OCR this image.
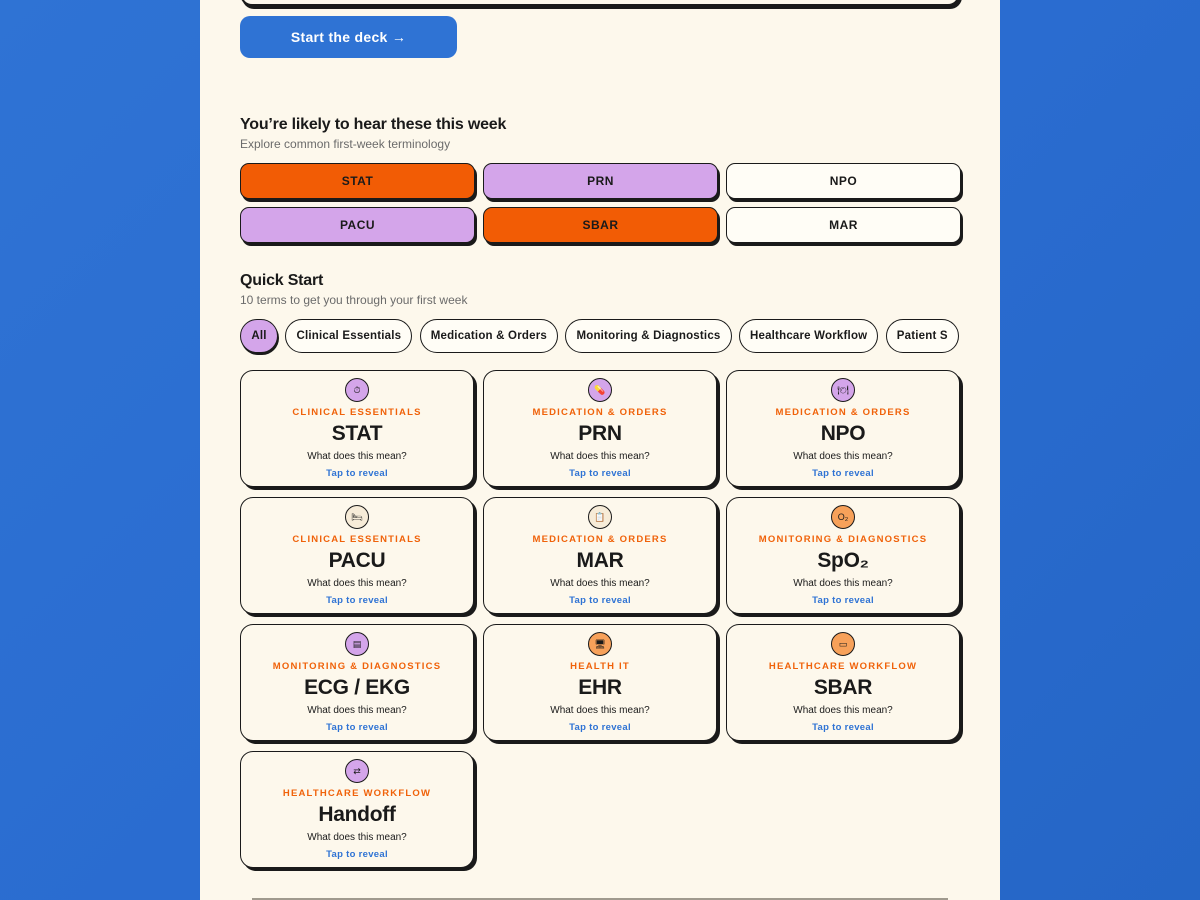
Start the deck →
You’re likely to hear these this week
Explore common first-week terminology
STAT	PRN	NPO
PACU	SBAR	MAR
Quick Start
10 terms to get you through your first week
All	Clinical Essentials	Medication & Orders	Monitoring & Diagnostics	Healthcare Workflow	Patient S
⏱
CLINICAL ESSENTIALS
STAT
What does this mean?
Tap to reveal
💊
MEDICATION & ORDERS
PRN
What does this mean?
Tap to reveal
🍽
MEDICATION & ORDERS
NPO
What does this mean?
Tap to reveal
🛏
CLINICAL ESSENTIALS
PACU
What does this mean?
Tap to reveal
📋
MEDICATION & ORDERS
MAR
What does this mean?
Tap to reveal
O₂
MONITORING & DIAGNOSTICS
SpO₂
What does this mean?
Tap to reveal
▤
MONITORING & DIAGNOSTICS
ECG / EKG
What does this mean?
Tap to reveal
🖥
HEALTH IT
EHR
What does this mean?
Tap to reveal
▭
HEALTHCARE WORKFLOW
SBAR
What does this mean?
Tap to reveal
⇄
HEALTHCARE WORKFLOW
Handoff
What does this mean?
Tap to reveal
